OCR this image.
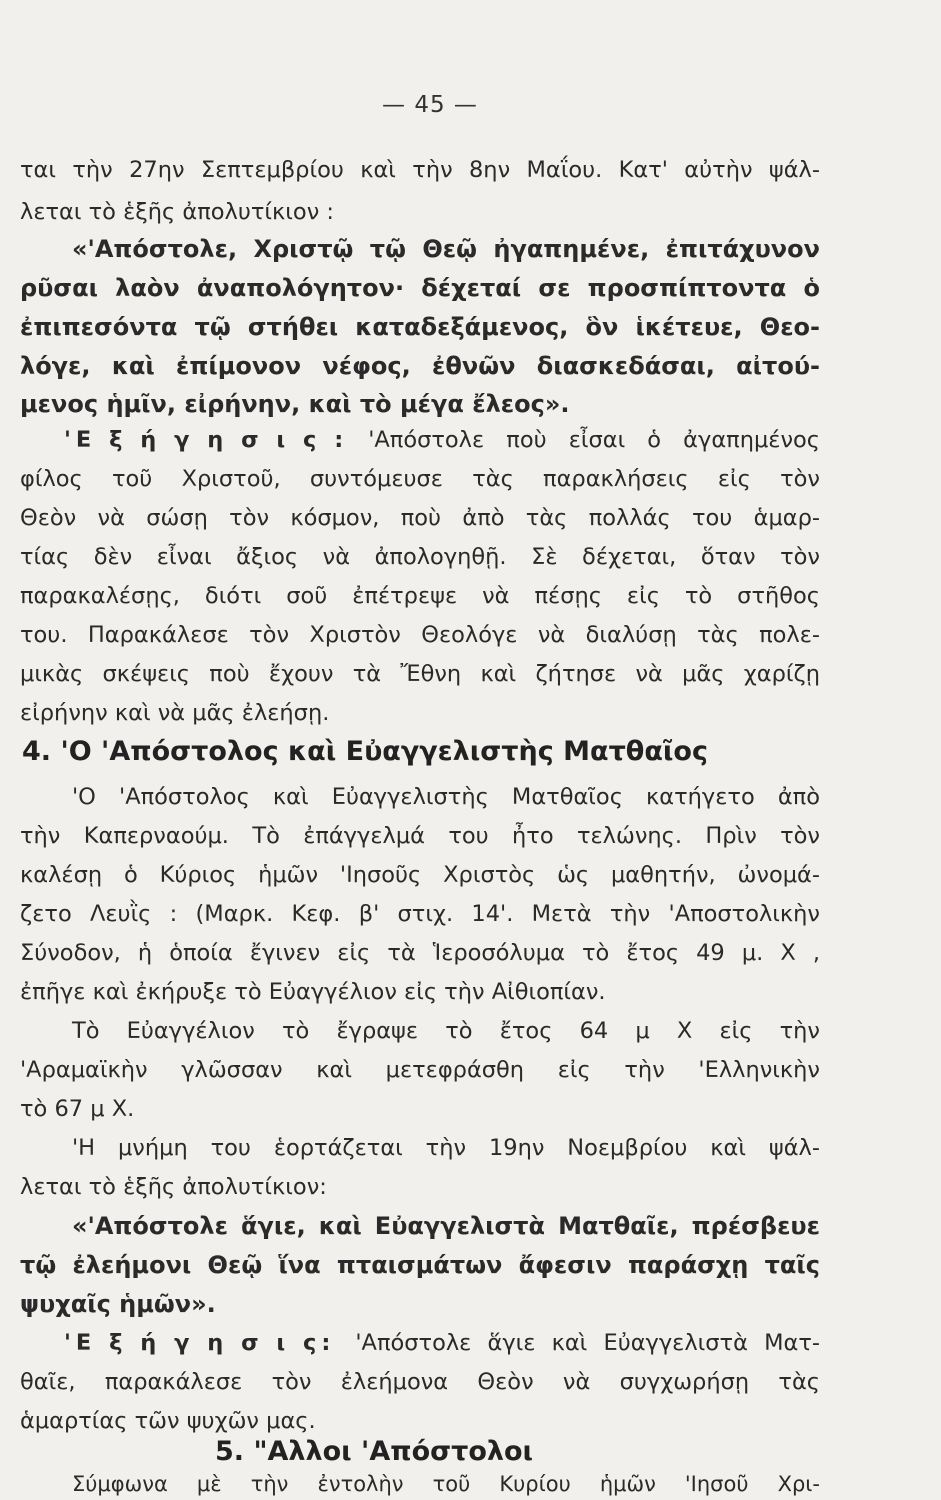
— 45 —
ται τὴν 27ην Σεπτεμβρίου καὶ τὴν 8ην Μαΐου. Κατ' αὐτὴν ψάλ-
λεται τὸ ἑξῆς ἀπολυτίκιον :
«'Απόστολε, Χριστῷ τῷ Θεῷ ἠγαπημένε, ἐπιτάχυνον
ρῦσαι λαὸν ἀναπολόγητον· δέχεταί σε προσπίπτοντα ὁ
ἐπιπεσόντα τῷ στήθει καταδεξάμενος, ὃν ἱκέτευε, Θεο-
λόγε, καὶ ἐπίμονον νέφος, ἐθνῶν διασκεδάσαι, αἰτού-
μενος ἡμῖν, εἰρήνην, καὶ τὸ μέγα ἔλεος».
'Ε ξ ή γ η σ ι ς : 'Απόστολε ποὺ εἶσαι ὁ ἀγαπημένος
φίλος τοῦ Χριστοῦ, συντόμευσε τὰς παρακλήσεις εἰς τὸν
Θεὸν νὰ σώσῃ τὸν κόσμον, ποὺ ἀπὸ τὰς πολλάς του ἁμαρ-
τίας δὲν εἶναι ἄξιος νὰ ἀπολογηθῇ. Σὲ δέχεται, ὅταν τὸν
παρακαλέσῃς, διότι σοῦ ἐπέτρεψε νὰ πέσῃς εἰς τὸ στῆθος
του. Παρακάλεσε τὸν Χριστὸν Θεολόγε νὰ διαλύσῃ τὰς πολε-
μικὰς σκέψεις ποὺ ἔχουν τὰ Ἔθνη καὶ ζήτησε νὰ μᾶς χαρίζῃ
εἰρήνην καὶ νὰ μᾶς ἐλεήσῃ.
4. 'Ο 'Απόστολος καὶ Εὐαγγελιστὴς Ματθαῖος
'Ο 'Απόστολος καὶ Εὐαγγελιστὴς Ματθαῖος κατήγετο ἀπὸ
τὴν Καπερναούμ. Τὸ ἐπάγγελμά του ἦτο τελώνης. Πρὶν τὸν
καλέσῃ ὁ Κύριος ἡμῶν 'Ιησοῦς Χριστὸς ὡς μαθητήν, ὠνομά-
ζετο Λευῒς : (Μαρκ. Κεφ. β' στιχ. 14'. Μετὰ τὴν 'Αποστολικὴν
Σύνοδον, ἡ ὁποία ἔγινεν εἰς τὰ Ἱεροσόλυμα τὸ ἔτος 49 μ. Χ ,
ἐπῆγε καὶ ἐκήρυξε τὸ Εὐαγγέλιον εἰς τὴν Αἰθιοπίαν.
Τὸ Εὐαγγέλιον τὸ ἔγραψε τὸ ἔτος 64 μ Χ εἰς τὴν
'Αραμαϊκὴν γλῶσσαν καὶ μετεφράσθη εἰς τὴν 'Ελληνικὴν
τὸ 67 μ Χ.
'Η μνήμη του ἑορτάζεται τὴν 19ην Νοεμβρίου καὶ ψάλ-
λεται τὸ ἑξῆς ἀπολυτίκιον:
«'Απόστολε ἅγιε, καὶ Εὐαγγελιστὰ Ματθαῖε, πρέσβευε
τῷ ἐλεήμονι Θεῷ ἵνα πταισμάτων ἄφεσιν παράσχῃ ταῖς
ψυχαῖς ἡμῶν».
'Ε ξ ή γ η σ ι ς: 'Απόστολε ἅγιε καὶ Εὐαγγελιστὰ Ματ-
θαῖε, παρακάλεσε τὸν ἐλεήμονα Θεὸν νὰ συγχωρήσῃ τὰς
ἁμαρτίας τῶν ψυχῶν μας.
5. "Αλλοι 'Απόστολοι
Σύμφωνα μὲ τὴν ἐντολὴν τοῦ Κυρίου ἡμῶν 'Ιησοῦ Χρι-
